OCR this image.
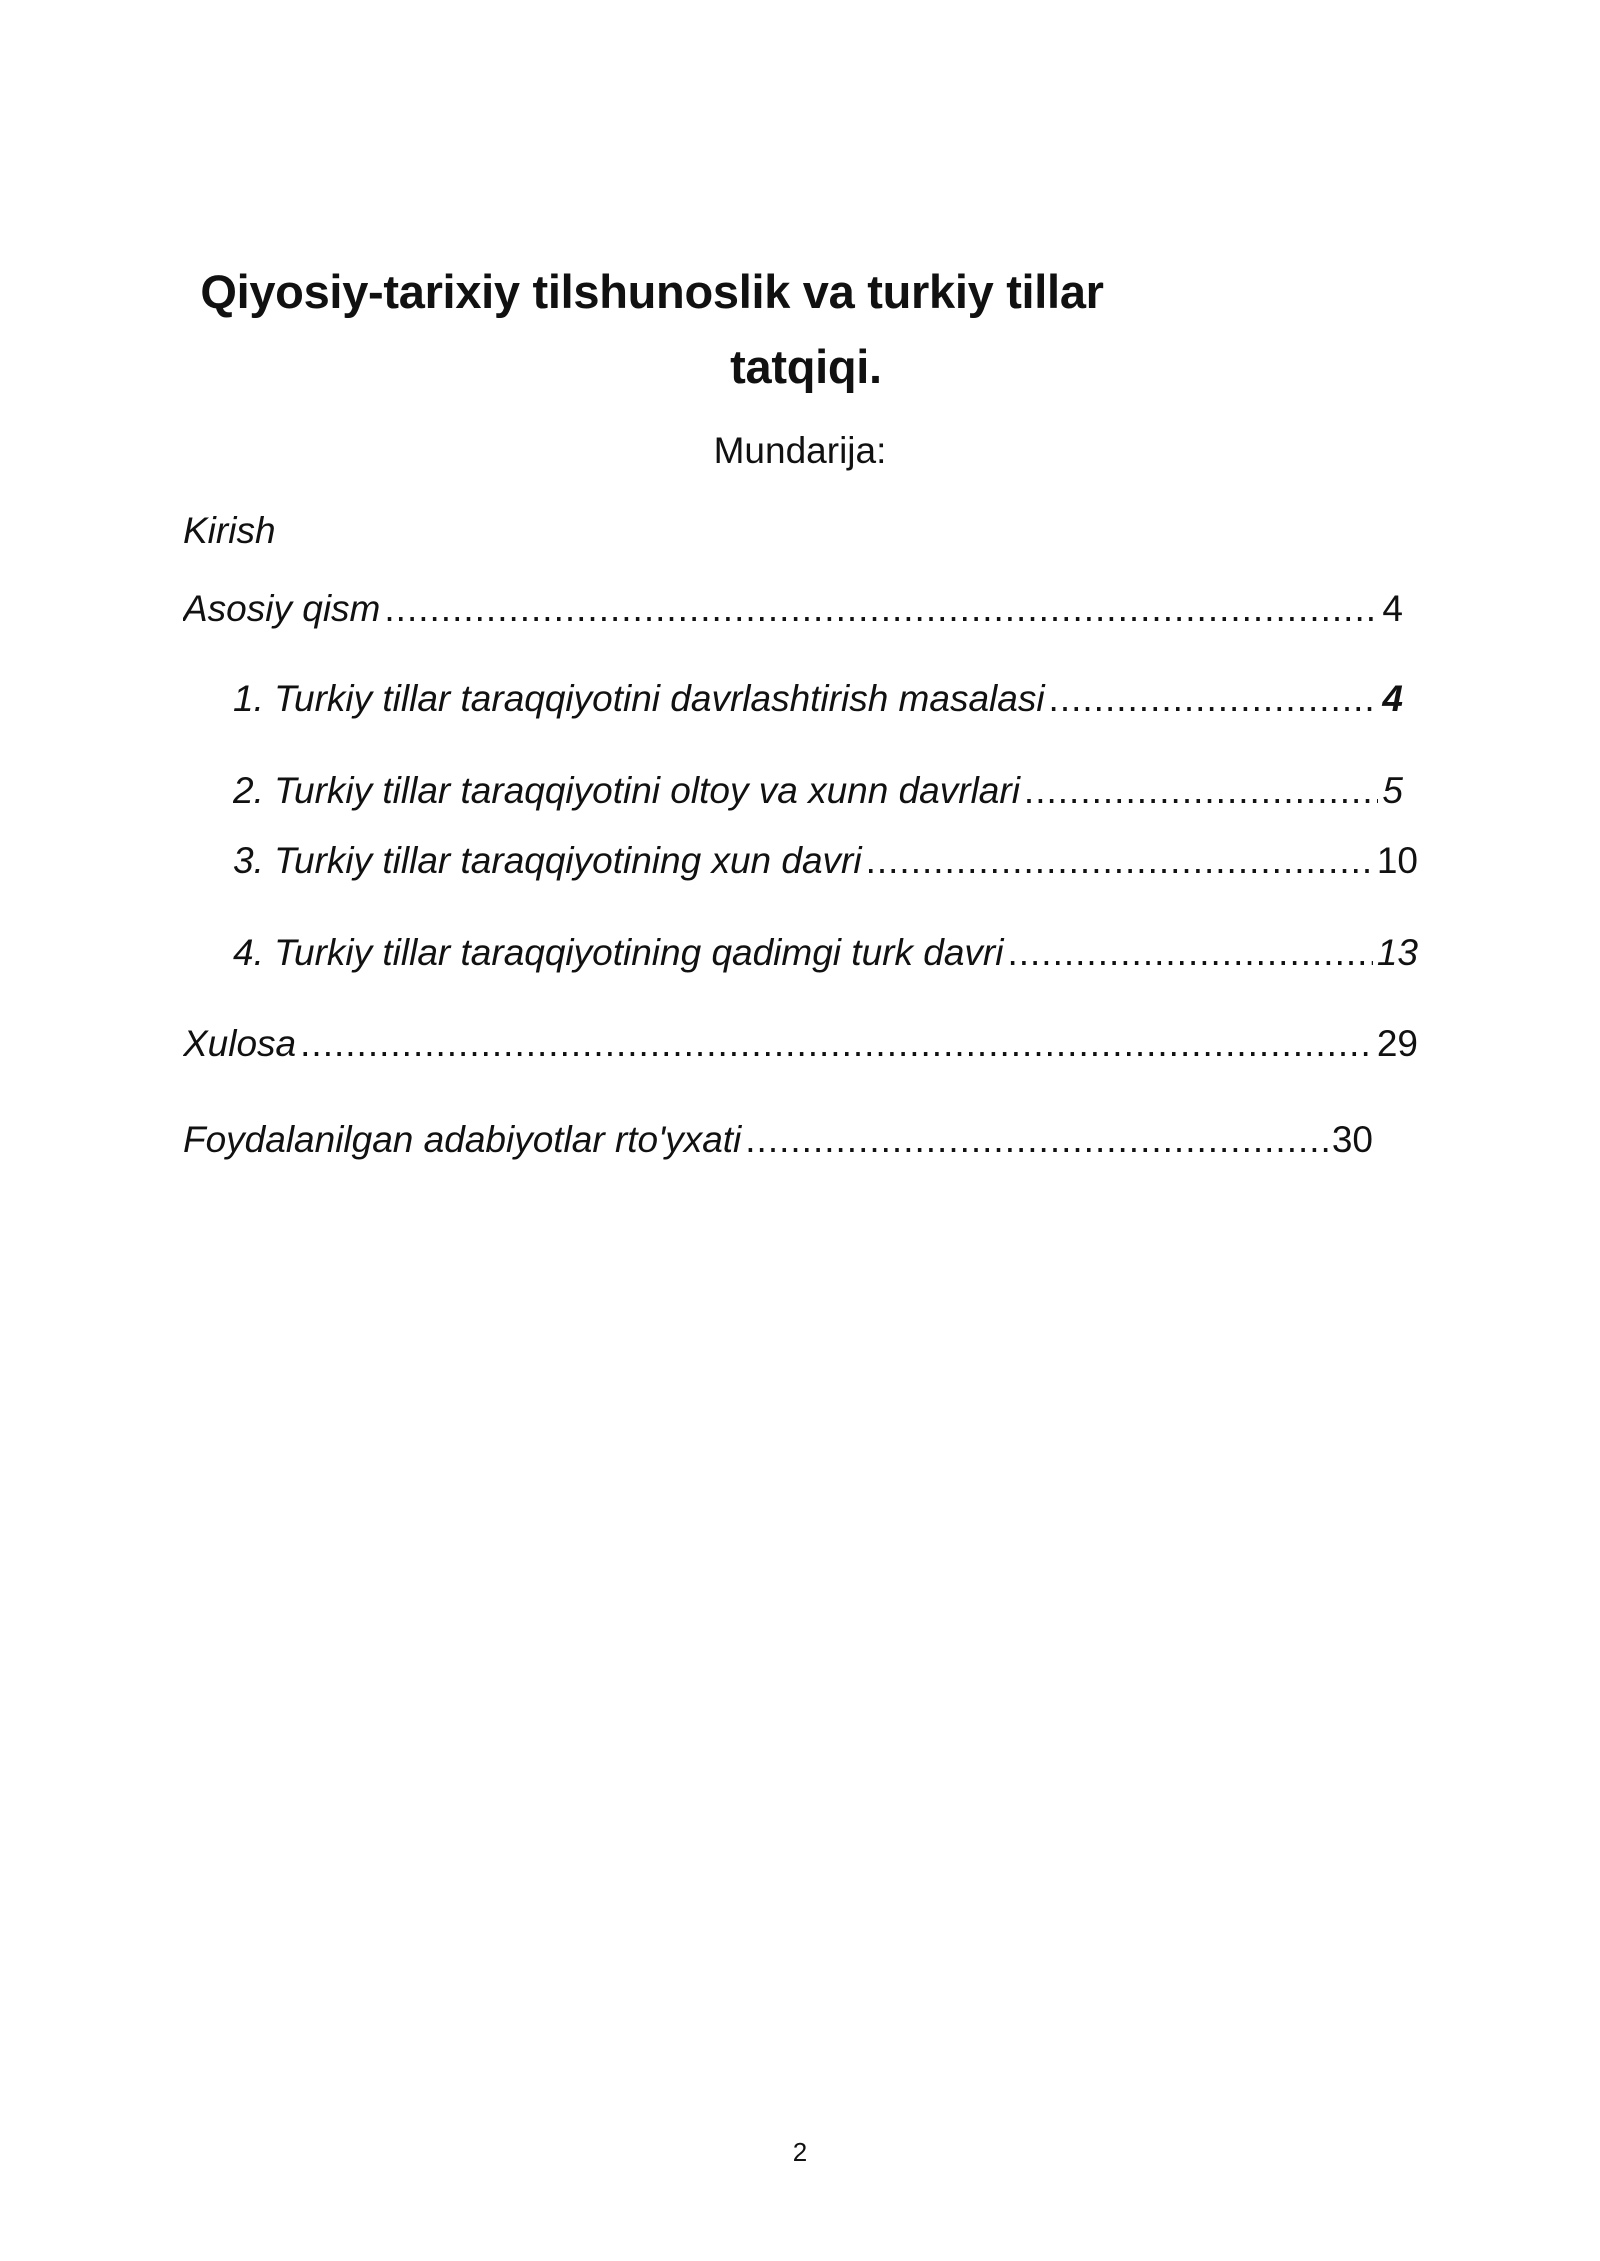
Qiyosiy-tarixiy tilshunoslik va turkiy tillar
tatqiqi.
Mundarija:
Kirish
Asosiy qism .....	4
1. Turkiy tillar taraqqiyotini davrlashtirish masalasi .....	4
2. Turkiy tillar taraqqiyotini oltoy va xunn davrlari .....	5
3. Turkiy tillar taraqqiyotining xun davri .....	10
4. Turkiy tillar taraqqiyotining qadimgi turk davri .....	13
Xulosa .....	29
Foydalanilgan adabiyotlar rto'yxati .....	30
2
